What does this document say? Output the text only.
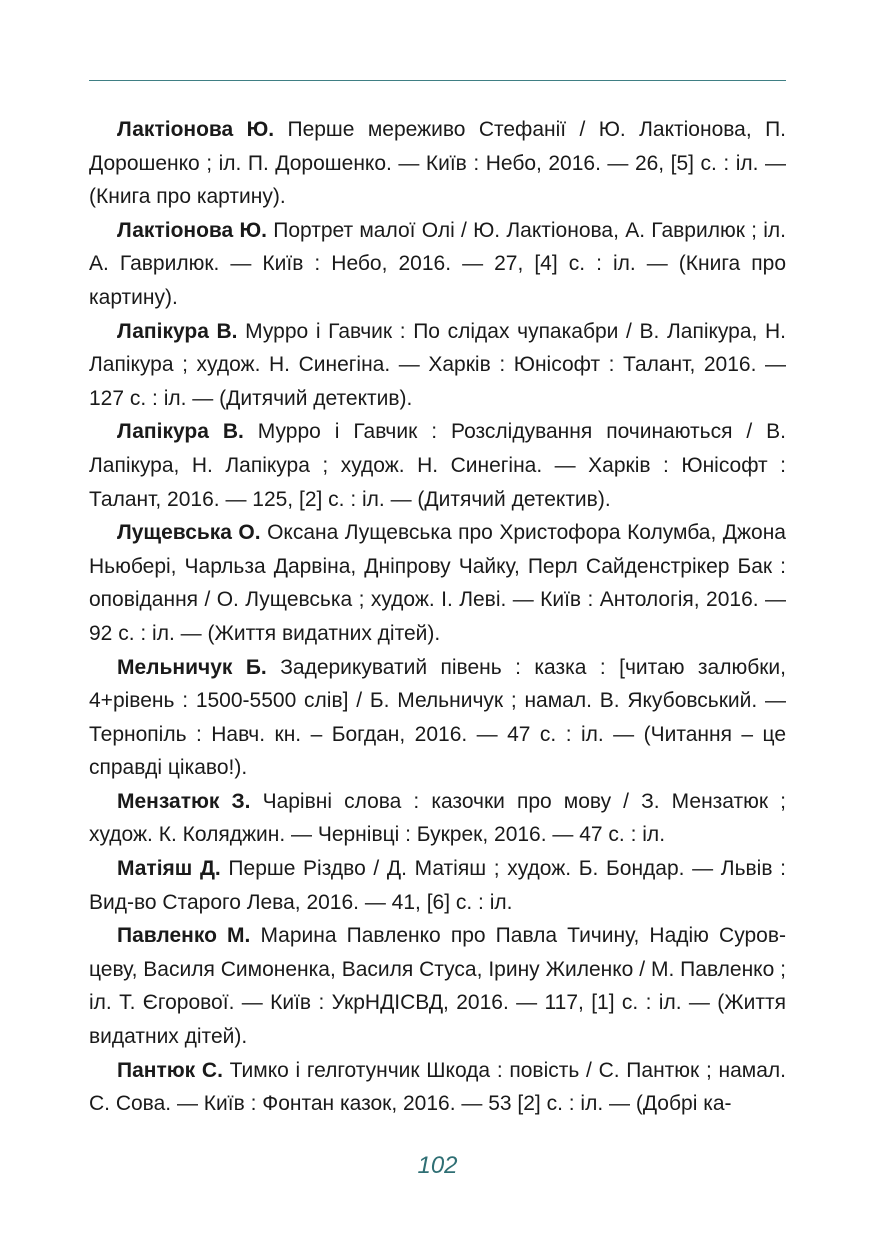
Лактіонова Ю. Перше мереживо Стефанії / Ю. Лактіонова, П. Дорошенко ; іл. П. Дорошенко. — Київ : Небо, 2016. — 26, [5] с. : іл. — (Книга про картину).

Лактіонова Ю. Портрет малої Олі / Ю. Лактіонова, А. Гаврилюк ; іл. А. Гаврилюк. — Київ : Небо, 2016. — 27, [4] с. : іл. — (Книга про картину).

Лапікура В. Мурро і Гавчик : По слідах чупакабри / В. Лапікура, Н. Лапікура ; худож. Н. Синегіна. — Харків : Юнісофт : Талант, 2016. — 127 с. : іл. — (Дитячий детектив).

Лапікура В. Мурро і Гавчик : Розслідування починаються / В. Лапікура, Н. Лапікура ; худож. Н. Синегіна. — Харків : Юнісофт : Талант, 2016. — 125, [2] с. : іл. — (Дитячий детектив).

Лущевська О. Оксана Лущевська про Христофора Колумба, Джона Ньюбері, Чарльза Дарвіна, Дніпрову Чайку, Перл Сайденстрікер Бак : оповідання / О. Лущевська ; худож. І. Леві. — Київ : Антологія, 2016. — 92 с. : іл. — (Життя видатних дітей).

Мельничук Б. Задерикуватий півень : казка : [читаю залюбки, 4+рівень : 1500-5500 слів] / Б. Мельничук ; намал. В. Якубовський. — Тернопіль : Навч. кн. – Богдан, 2016. — 47 с. : іл. — (Читання – це справді цікаво!).

Мензатюк З. Чарівні слова : казочки про мову / З. Мензатюк ; худож. К. Коляджин. — Чернівці : Букрек, 2016. — 47 с. : іл.

Матіяш Д. Перше Різдво / Д. Матіяш ; худож. Б. Бондар. — Львів : Вид-во Старого Лева, 2016. — 41, [6] с. : іл.

Павленко М. Марина Павленко про Павла Тичину, Надію Суровцеву, Василя Симоненка, Василя Стуса, Ірину Жиленко / М. Павленко ; іл. Т. Єгорової. — Київ : УкрНДІСВД, 2016. — 117, [1] с. : іл. — (Життя видатних дітей).

Пантюк С. Тимко і гелготунчик Шкода : повість / С. Пантюк ; намал. С. Сова. — Київ : Фонтан казок, 2016. — 53 [2] с. : іл. — (Добрі ка-

102
